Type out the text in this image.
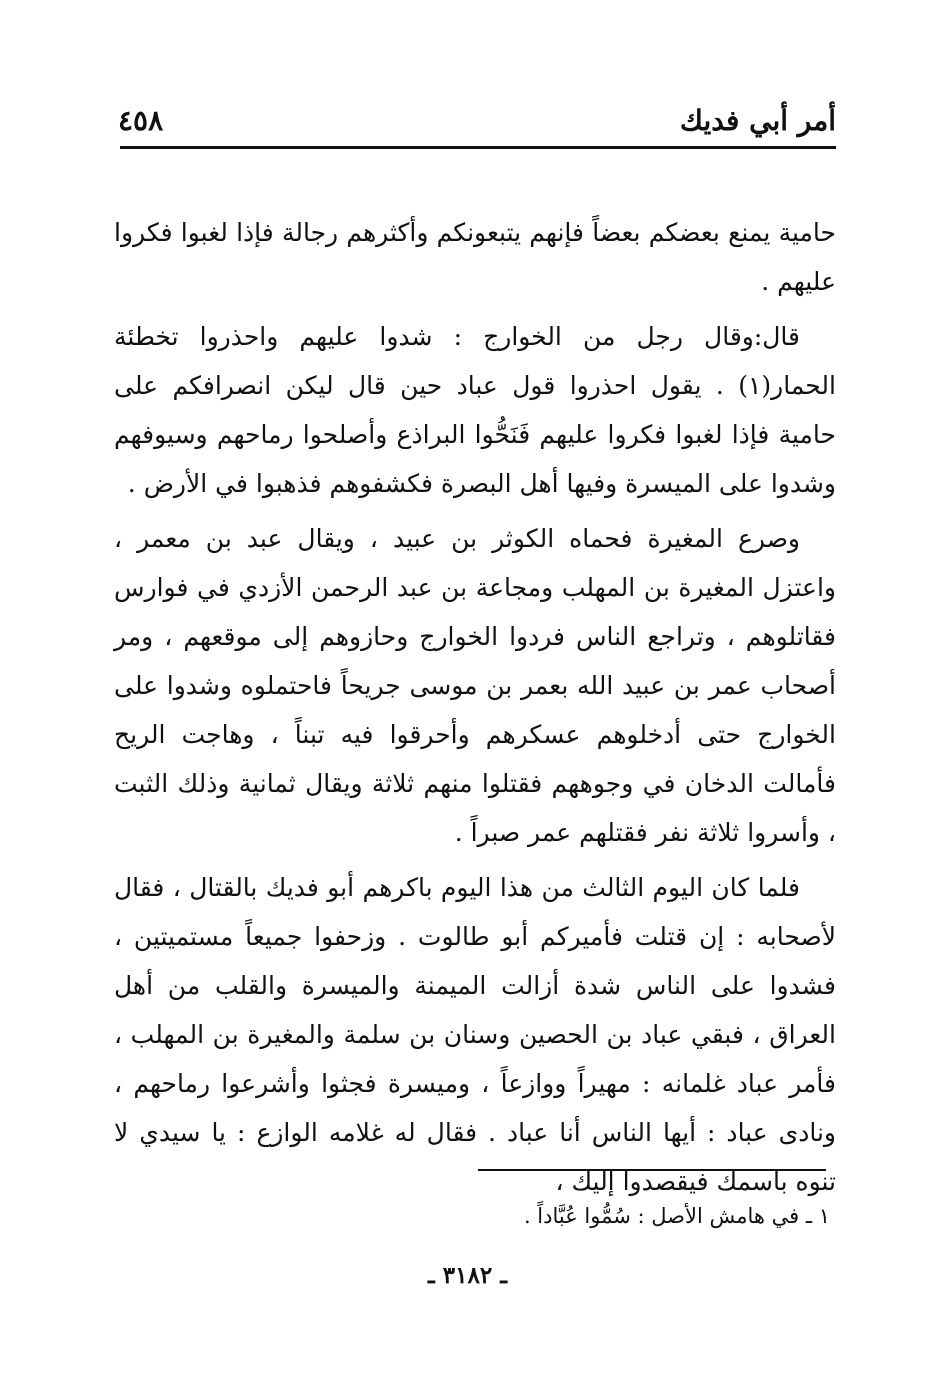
أمر أبي فديك
٤٥٨

حامية يمنع بعضكم بعضاً فإنهم يتبعونكم وأكثرهم رجالة فإذا لغبوا فكروا عليهم .

قال:وقال رجل من الخوارج : شدوا عليهم واحذروا تخطئة الحمار(١) . يقول احذروا قول عباد حين قال ليكن انصرافكم على حامية فإذا لغبوا فكروا عليهم فَنَحُّوا البراذع وأصلحوا رماحهم وسيوفهم وشدوا على الميسرة وفيها أهل البصرة فكشفوهم فذهبوا في الأرض .

وصرع المغيرة فحماه الكوثر بن عبيد ، ويقال عبد بن معمر ، واعتزل المغيرة بن المهلب ومجاعة بن عبد الرحمن الأزدي في فوارس فقاتلوهم ، وتراجع الناس فردوا الخوارج وحازوهم إلى موقعهم ، ومر أصحاب عمر بن عبيد الله بعمر بن موسى جريحاً فاحتملوه وشدوا على الخوارج حتى أدخلوهم عسكرهم وأحرقوا فيه تبناً ، وهاجت الريح فأمالت الدخان في وجوههم فقتلوا منهم ثلاثة ويقال ثمانية وذلك الثبت ، وأسروا ثلاثة نفر فقتلهم عمر صبراً .

فلما كان اليوم الثالث من هذا اليوم باكرهم أبو فديك بالقتال ، فقال لأصحابه : إن قتلت فأميركم أبو طالوت . وزحفوا جميعاً مستميتين ، فشدوا على الناس شدة أزالت الميمنة والميسرة والقلب من أهل العراق ، فبقي عباد بن الحصين وسنان بن سلمة والمغيرة بن المهلب ، فأمر عباد غلمانه : مهيراً ووازعاً ، وميسرة فجثوا وأشرعوا رماحهم ، ونادى عباد : أيها الناس أنا عباد . فقال له غلامه الوازع : يا سيدي لا تنوه باسمك فيقصدوا إليك ،

١ ـ في هامش الأصل : سُمُّوا عُبَّاداً .
ـ ٣١٨٢ ـ
